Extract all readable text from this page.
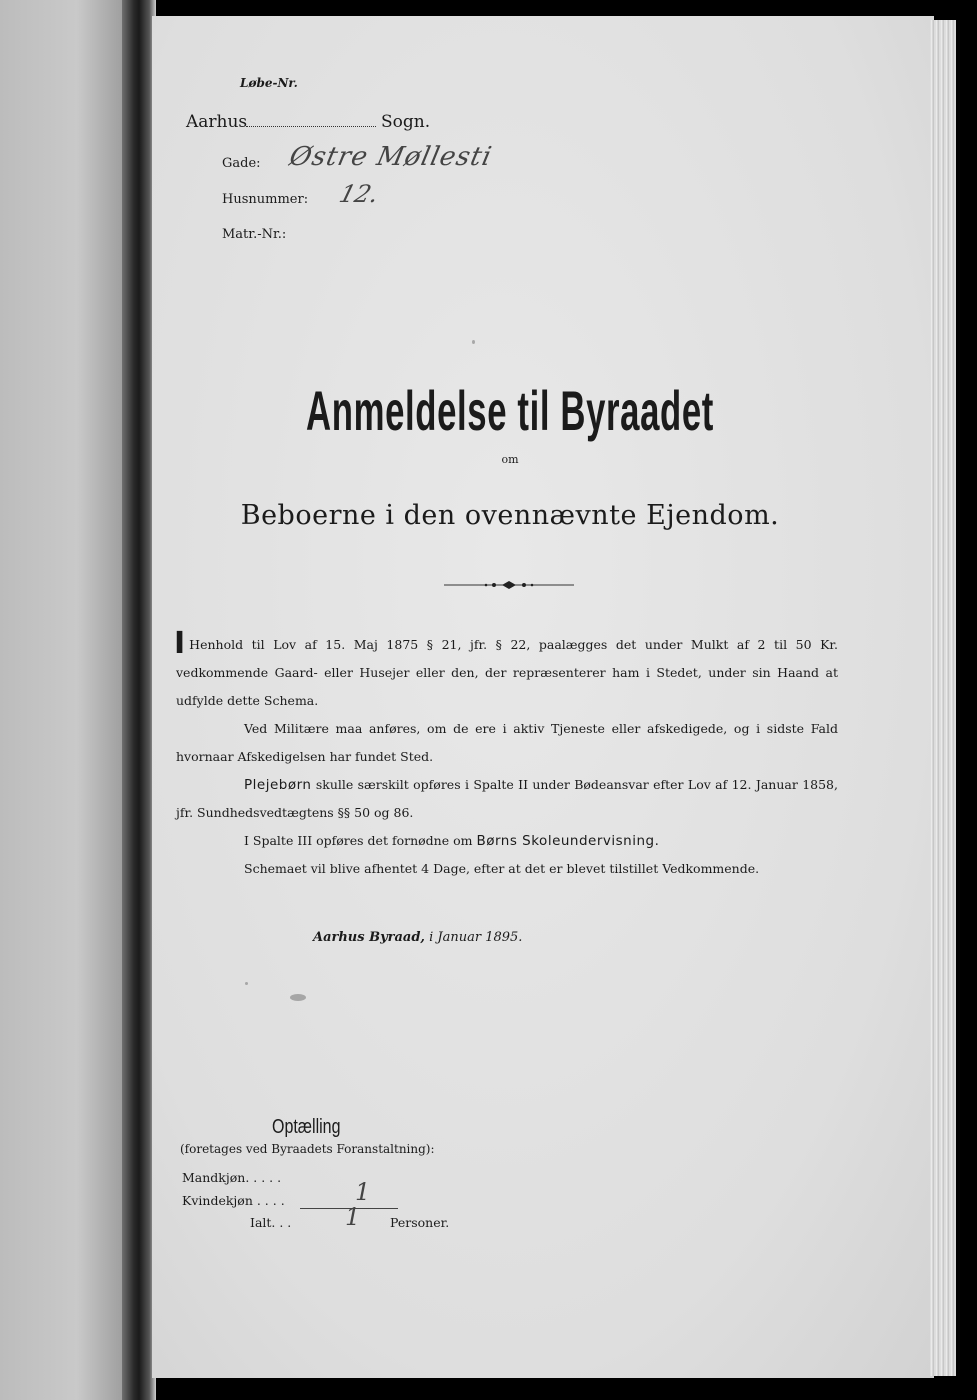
Løbe-Nr.
Aarhus	Sogn.
Gade: Østre Møllesti
Husnummer: 12.
Matr.-Nr.:
Anmeldelse til Byraadet
om
Beboerne i den ovennævnte Ejendom.

I Henhold til Lov af 15. Maj 1875 § 21, jfr. § 22, paalægges det under Mulkt af 2 til 50 Kr. vedkommende Gaard- eller Husejer eller den, der repræsenterer ham i Stedet, under sin Haand at udfylde dette Schema.

Ved Militære maa anføres, om de ere i aktiv Tjeneste eller afskedigede, og i sidste Fald hvornaar Afskedigelsen har fundet Sted.

Plejebørn skulle særskilt opføres i Spalte II under Bødeansvar efter Lov af 12. Januar 1858, jfr. Sundhedsvedtægtens §§ 50 og 86.

I Spalte III opføres det fornødne om Børns Skoleundervisning.

Schemaet vil blive afhentet 4 Dage, efter at det er blevet tilstillet Vedkommende.

Aarhus Byraad, i Januar 1895.
Optælling
(foretages ved Byraadets Foranstaltning):
Mandkjøn. . . . .
Kvindekjøn . . . .	1
Ialt. . . 1 Personer.
